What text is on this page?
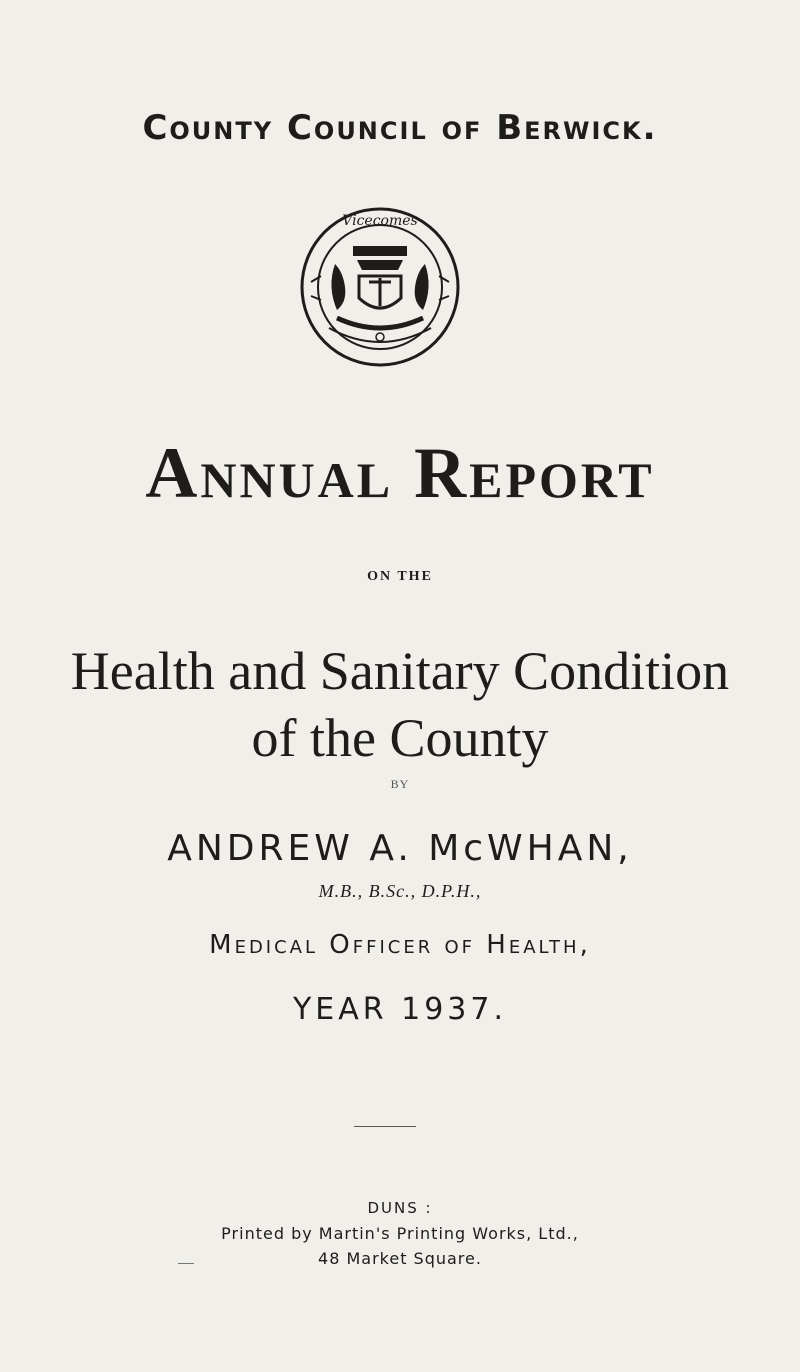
County Council of Berwick.
Vicecomes
Annual Report
ON THE
Health and Sanitary Condition
of the County
BY
ANDREW A. McWHAN,
M.B., B.Sc., D.P.H.,
Medical Officer of Health,
YEAR 1937.
DUNS :
Printed by Martin's Printing Works, Ltd.,
48 Market Square.
